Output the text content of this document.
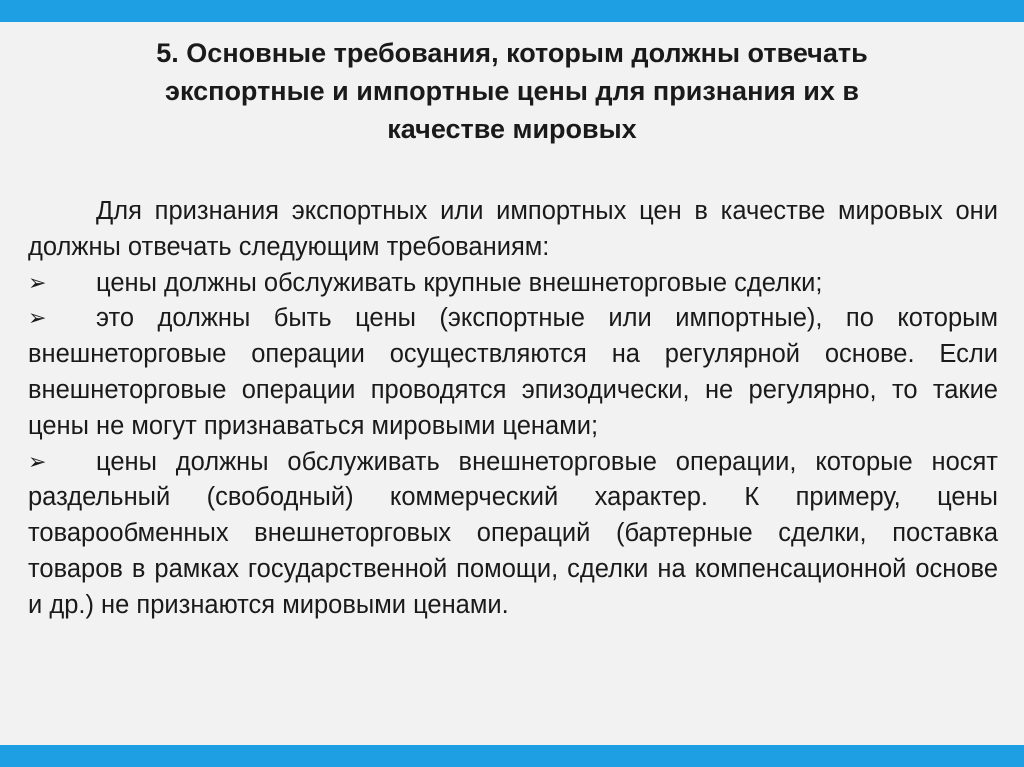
5. Основные требования, которым должны отвечать
экспортные и импортные цены для признания их в
качестве мировых

Для признания экспортных или импортных цен в качестве мировых они должны отвечать следующим требованиям:

➢ цены должны обслуживать крупные внешнеторговые сделки;

➢ это должны быть цены (экспортные или импортные), по которым внешнеторговые операции осуществляются на регулярной основе. Если внешнеторговые операции проводятся эпизодически, не регулярно, то такие цены не могут признаваться мировыми ценами;

➢ цены должны обслуживать внешнеторговые операции, которые носят раздельный (свободный) коммерческий характер. К примеру, цены товарообменных внешнеторговых операций (бартерные сделки, поставка товаров в рамках государственной помощи, сделки на компенсационной основе и др.) не признаются мировыми ценами.
